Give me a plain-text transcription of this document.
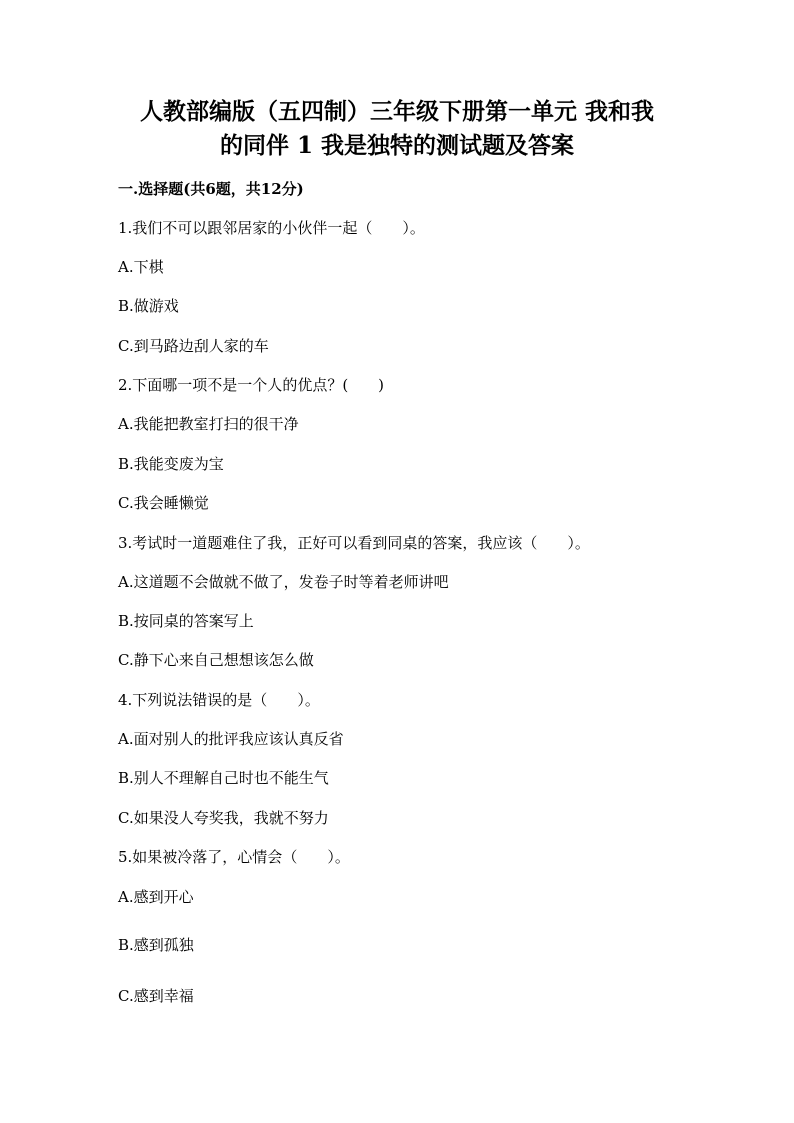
人教部编版（五四制）三年级下册第一单元 我和我
的同伴 1 我是独特的测试题及答案
一.选择题(共6题，共12分)
1.我们不可以跟邻居家的小伙伴一起（　　）。
A.下棋
B.做游戏
C.到马路边刮人家的车
2.下面哪一项不是一个人的优点？(　　)
A.我能把教室打扫的很干净
B.我能变废为宝
C.我会睡懒觉
3.考试时一道题难住了我，正好可以看到同桌的答案，我应该（　　）。
A.这道题不会做就不做了，发卷子时等着老师讲吧
B.按同桌的答案写上
C.静下心来自己想想该怎么做
4.下列说法错误的是（　　）。
A.面对别人的批评我应该认真反省
B.别人不理解自己时也不能生气
C.如果没人夸奖我，我就不努力
5.如果被冷落了，心情会（　　）。
A.感到开心
B.感到孤独
C.感到幸福
